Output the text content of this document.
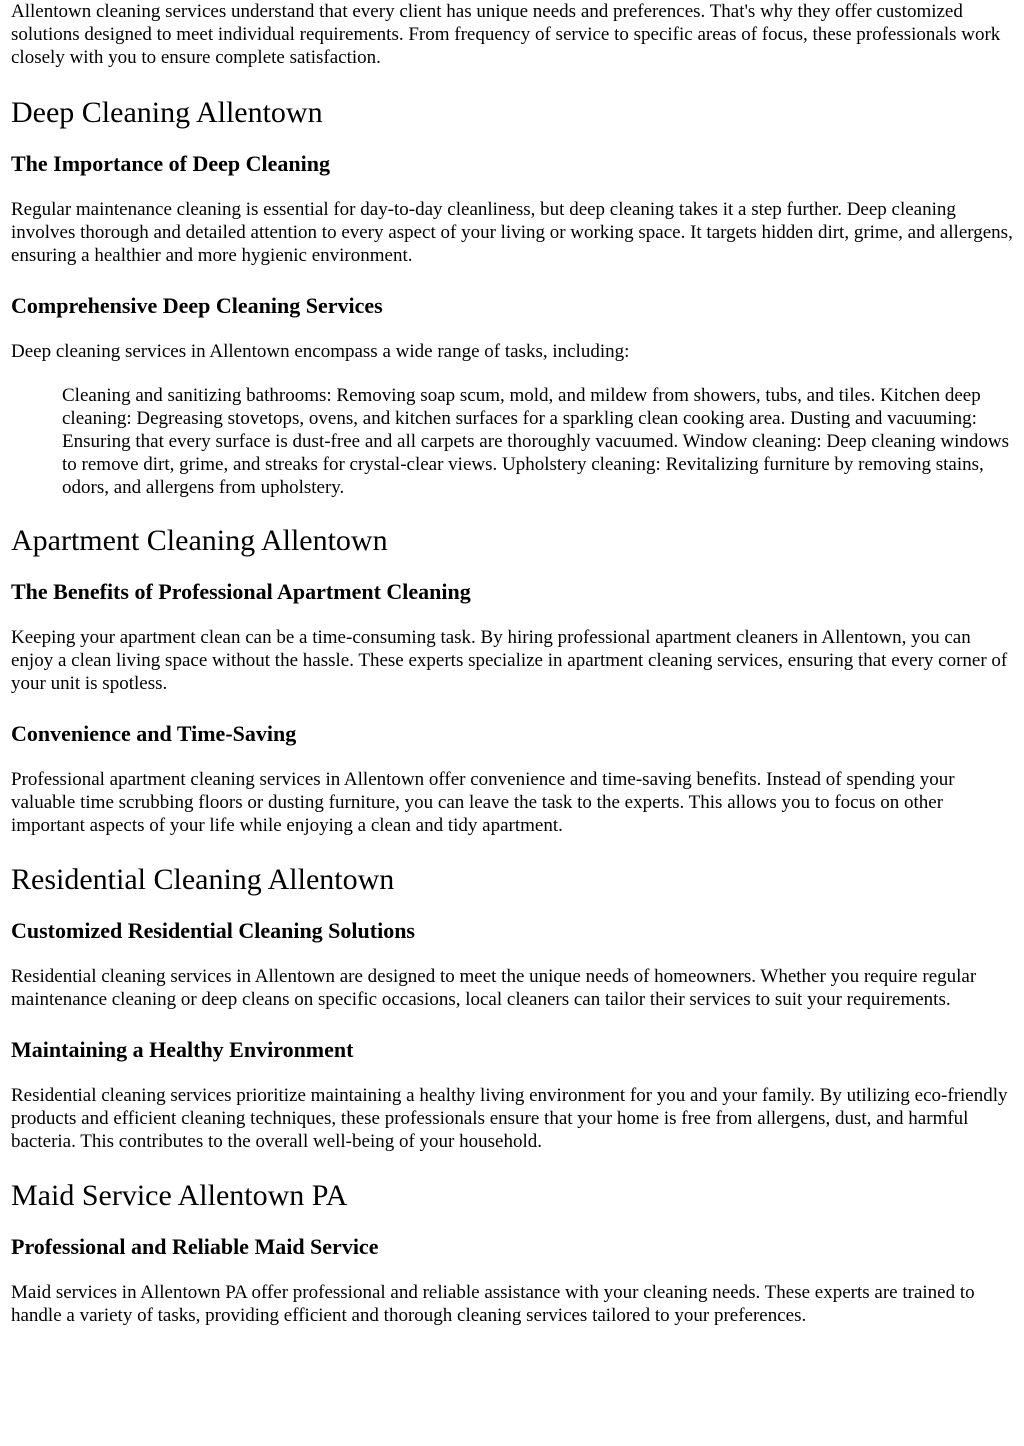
Allentown cleaning services understand that every client has unique needs and preferences. That's why they offer customized solutions designed to meet individual requirements. From frequency of service to specific areas of focus, these professionals work closely with you to ensure complete satisfaction.

Deep Cleaning Allentown
The Importance of Deep Cleaning

Regular maintenance cleaning is essential for day-to-day cleanliness, but deep cleaning takes it a step further. Deep cleaning involves thorough and detailed attention to every aspect of your living or working space. It targets hidden dirt, grime, and allergens, ensuring a healthier and more hygienic environment.

Comprehensive Deep Cleaning Services

Deep cleaning services in Allentown encompass a wide range of tasks, including:

Cleaning and sanitizing bathrooms: Removing soap scum, mold, and mildew from showers, tubs, and tiles. Kitchen deep cleaning: Degreasing stovetops, ovens, and kitchen surfaces for a sparkling clean cooking area. Dusting and vacuuming: Ensuring that every surface is dust-free and all carpets are thoroughly vacuumed. Window cleaning: Deep cleaning windows to remove dirt, grime, and streaks for crystal-clear views. Upholstery cleaning: Revitalizing furniture by removing stains, odors, and allergens from upholstery.
Apartment Cleaning Allentown
The Benefits of Professional Apartment Cleaning

Keeping your apartment clean can be a time-consuming task. By hiring professional apartment cleaners in Allentown, you can enjoy a clean living space without the hassle. These experts specialize in apartment cleaning services, ensuring that every corner of your unit is spotless.

Convenience and Time-Saving

Professional apartment cleaning services in Allentown offer convenience and time-saving benefits. Instead of spending your valuable time scrubbing floors or dusting furniture, you can leave the task to the experts. This allows you to focus on other important aspects of your life while enjoying a clean and tidy apartment.

Residential Cleaning Allentown
Customized Residential Cleaning Solutions

Residential cleaning services in Allentown are designed to meet the unique needs of homeowners. Whether you require regular maintenance cleaning or deep cleans on specific occasions, local cleaners can tailor their services to suit your requirements.

Maintaining a Healthy Environment

Residential cleaning services prioritize maintaining a healthy living environment for you and your family. By utilizing eco-friendly products and efficient cleaning techniques, these professionals ensure that your home is free from allergens, dust, and harmful bacteria. This contributes to the overall well-being of your household.

Maid Service Allentown PA
Professional and Reliable Maid Service

Maid services in Allentown PA offer professional and reliable assistance with your cleaning needs. These experts are trained to handle a variety of tasks, providing efficient and thorough cleaning services tailored to your preferences.
